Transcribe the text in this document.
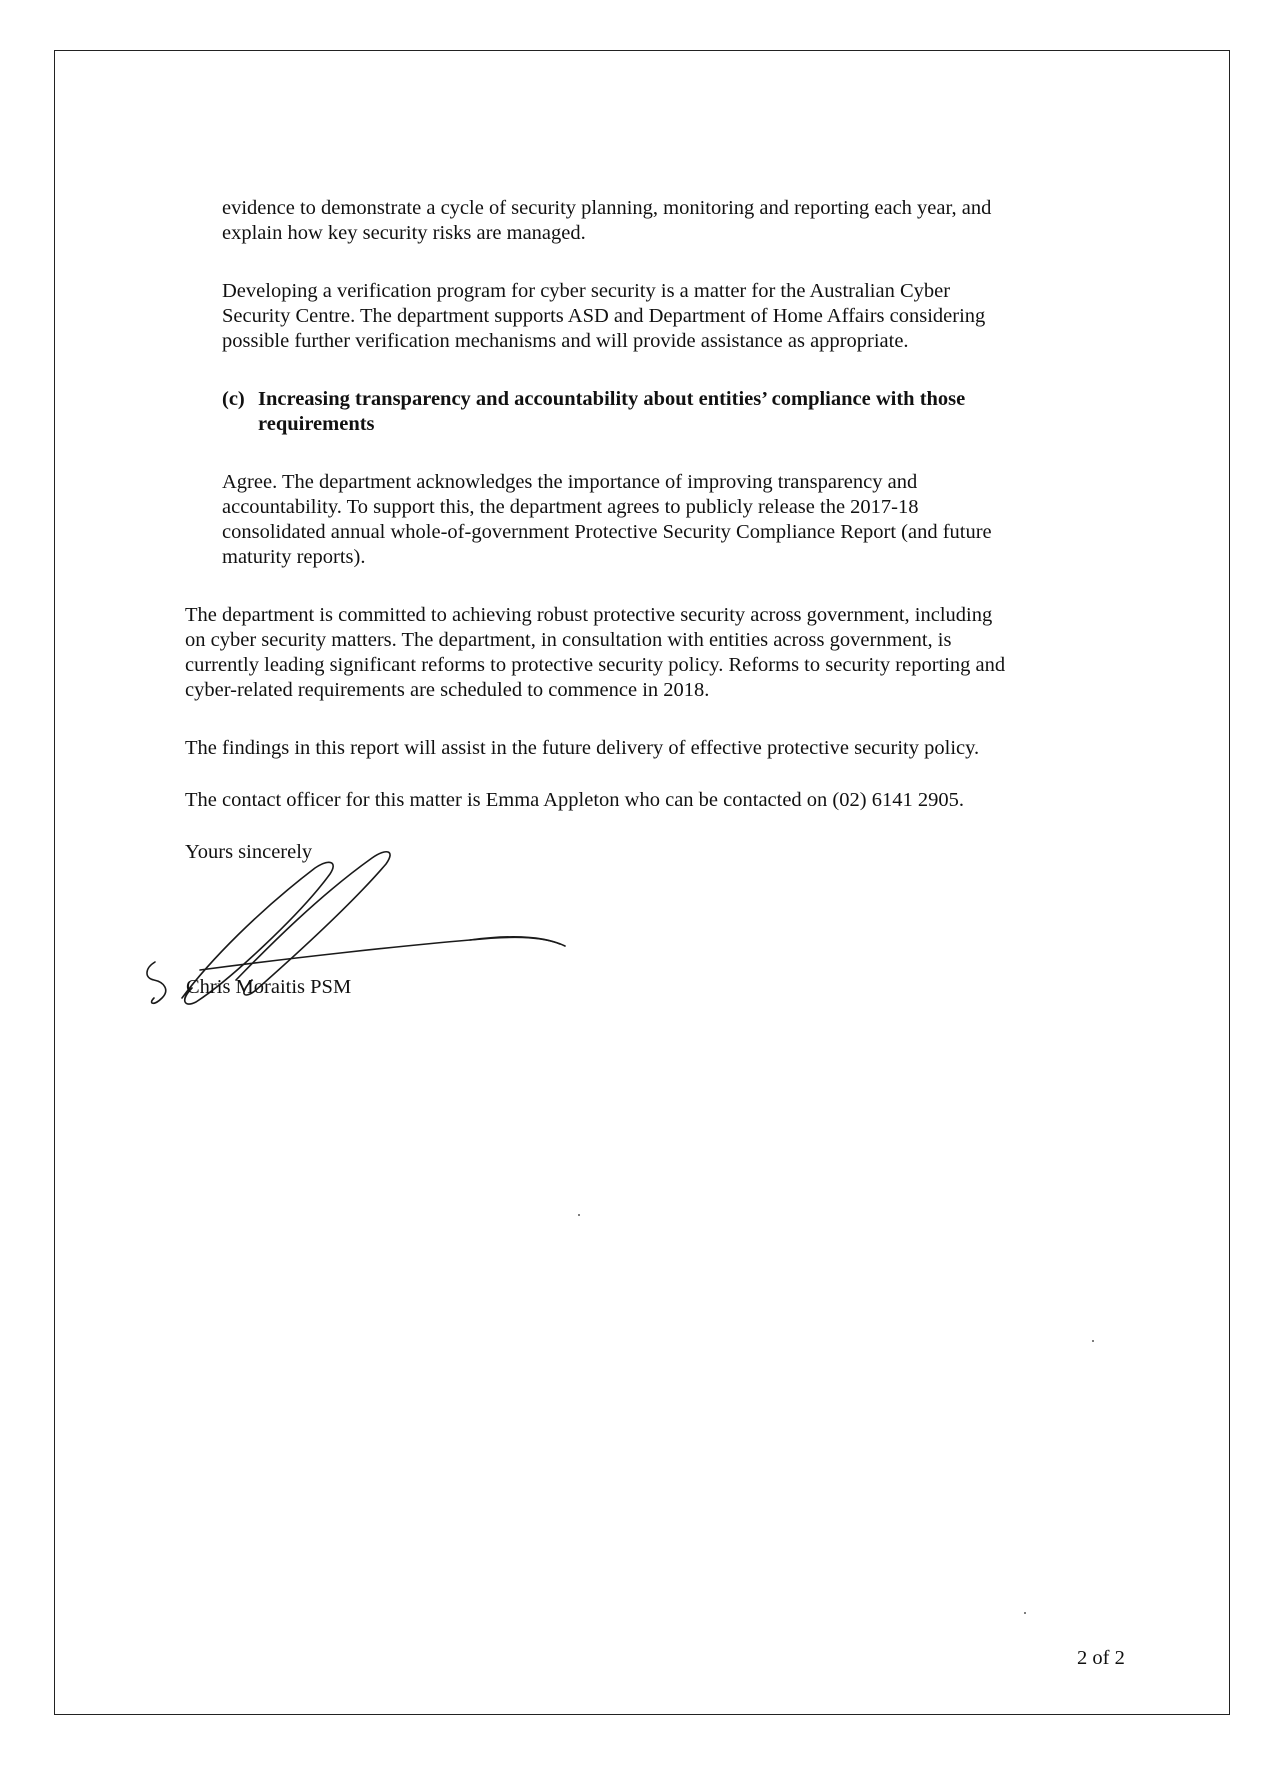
evidence to demonstrate a cycle of security planning, monitoring and reporting each year, and

explain how key security risks are managed.

Developing a verification program for cyber security is a matter for the Australian Cyber

Security Centre. The department supports ASD and Department of Home Affairs considering

possible further verification mechanisms and will provide assistance as appropriate.

(c) Increasing transparency and accountability about entities’ compliance with those

requirements

Agree. The department acknowledges the importance of improving transparency and

accountability. To support this, the department agrees to publicly release the 2017-18

consolidated annual whole-of-government Protective Security Compliance Report (and future

maturity reports).

The department is committed to achieving robust protective security across government, including

on cyber security matters. The department, in consultation with entities across government, is

currently leading significant reforms to protective security policy. Reforms to security reporting and

cyber-related requirements are scheduled to commence in 2018.

The findings in this report will assist in the future delivery of effective protective security policy.

The contact officer for this matter is Emma Appleton who can be contacted on (02) 6141 2905.

Yours sincerely

Chris Moraitis PSM
2 of 2
